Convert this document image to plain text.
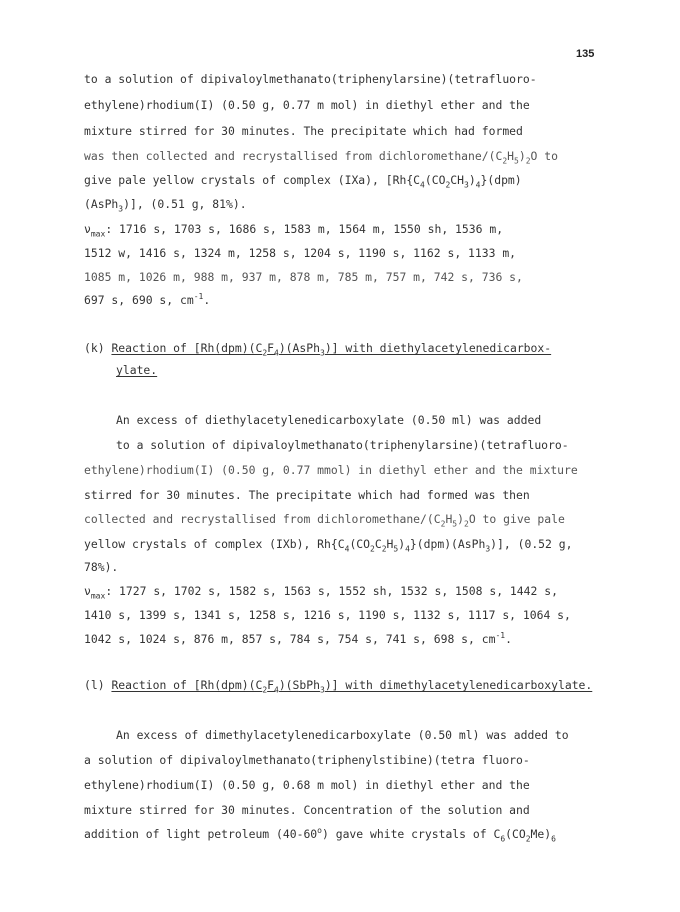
135
to a solution of dipivaloylmethanato(triphenylarsine)(tetrafluoro-
ethylene)rhodium(I) (0.50 g, 0.77 m mol) in diethyl ether and the
mixture stirred for 30 minutes. The precipitate which had formed
was then collected and recrystallised from dichloromethane/$(C_2H_5)_2O$ to
give pale yellow crystals of complex (IXa), [$Rh\{C_4(CO_2CH_3)_4\}(dpm)$
(AsPh$_3$)], (0.51 g, 81%).
$\nu_{max}$: 1716 s, 1703 s, 1686 s, 1583 m, 1564 m, 1550 sh, 1536 m,
1512 w, 1416 s, 1324 m, 1258 s, 1204 s, 1190 s, 1162 s, 1133 m,
1085 m, 1026 m, 988 m, 937 m, 878 m, 785 m, 757 m, 742 s, 736 s,
697 s, 690 s, $cm^{-1}$.
(k) Reaction of $[Rh(dpm)(C_2F_4)(AsPh_3)]$ with diethylacetylenedicarbox-
ylate.
An excess of diethylacetylenedicarboxylate (0.50 ml) was added
to a solution of dipivaloylmethanato(triphenylarsine)(tetrafluoro-
ethylene)rhodium(I) (0.50 g, 0.77 mmol) in diethyl ether and the mixture
stirred for 30 minutes. The precipitate which had formed was then
collected and recrystallised from dichloromethane/$(C_2H_5)_2O$ to give pale
yellow crystals of complex (IXb), $Rh\{C_4(CO_2C_2H_5)_4\}(dpm)(AsPh_3)$], (0.52 g,
78%).
$\nu_{max}$: 1727 s, 1702 s, 1582 s, 1563 s, 1552 sh, 1532 s, 1508 s, 1442 s,
1410 s, 1399 s, 1341 s, 1258 s, 1216 s, 1190 s, 1132 s, 1117 s, 1064 s,
1042 s, 1024 s, 876 m, 857 s, 784 s, 754 s, 741 s, 698 s, $cm^{-1}$.
(l) Reaction of $[Rh(dpm)(C_2F_4)(SbPh_3)]$ with dimethylacetylenedicarboxylate.
An excess of dimethylacetylenedicarboxylate (0.50 ml) was added to
a solution of dipivaloylmethanato(triphenylstibine)(tetra fluoro-
ethylene)rhodium(I) (0.50 g, 0.68 m mol) in diethyl ether and the
mixture stirred for 30 minutes. Concentration of the solution and
addition of light petroleum (40-60$^o$) gave white crystals of $C_6(CO_2Me)_6$
